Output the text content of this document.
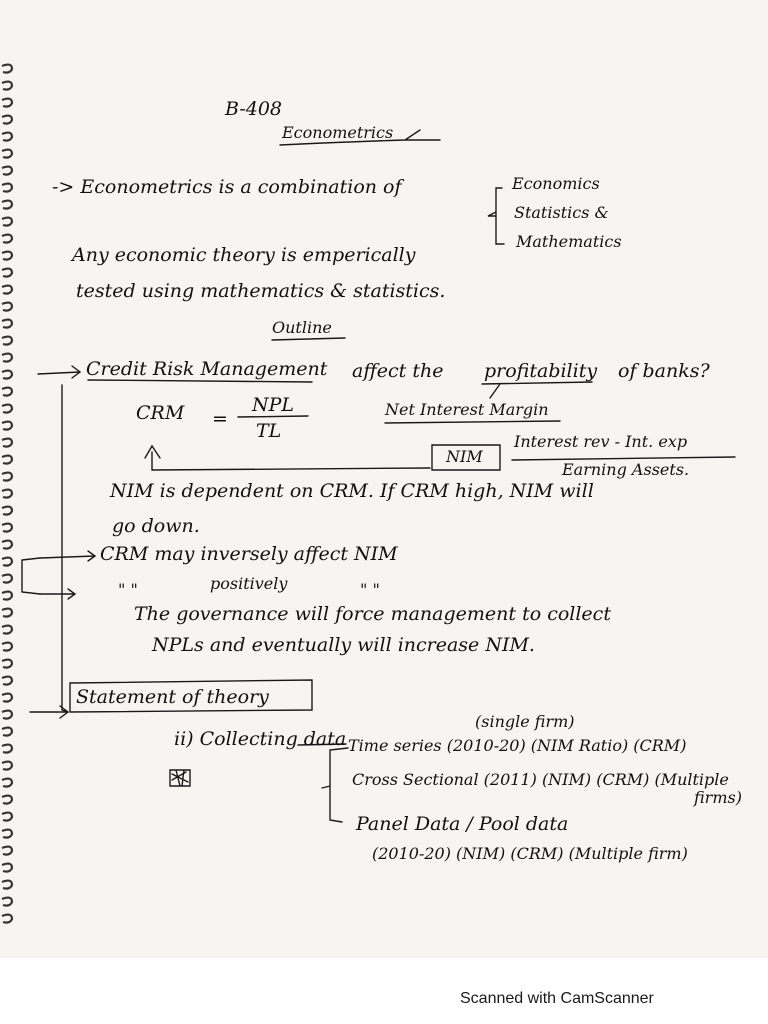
B-408
Econometrics
-> Econometrics is a combination of	Economics
Statistics &
Mathematics
Any economic theory is emperically
tested using mathematics & statistics.
Outline
Credit Risk Management affect the profitability of banks?
CRM =
NPL
TL
Net Interest Margin
NIM
Interest rev - Int. exp
Earning Assets.
NIM is dependent on CRM. If CRM high, NIM will
go down.
CRM may inversely affect NIM
" "	positively	" "
The governance will force management to collect
NPLs and eventually will increase NIM.
Statement of theory
(single firm)
ii) Collecting data Time series (2010-20) (NIM Ratio) (CRM)
Cross Sectional (2011) (NIM) (CRM) (Multiple
firms)
Panel Data / Pool data
(2010-20) (NIM) (CRM) (Multiple firm)
Scanned with CamScanner
